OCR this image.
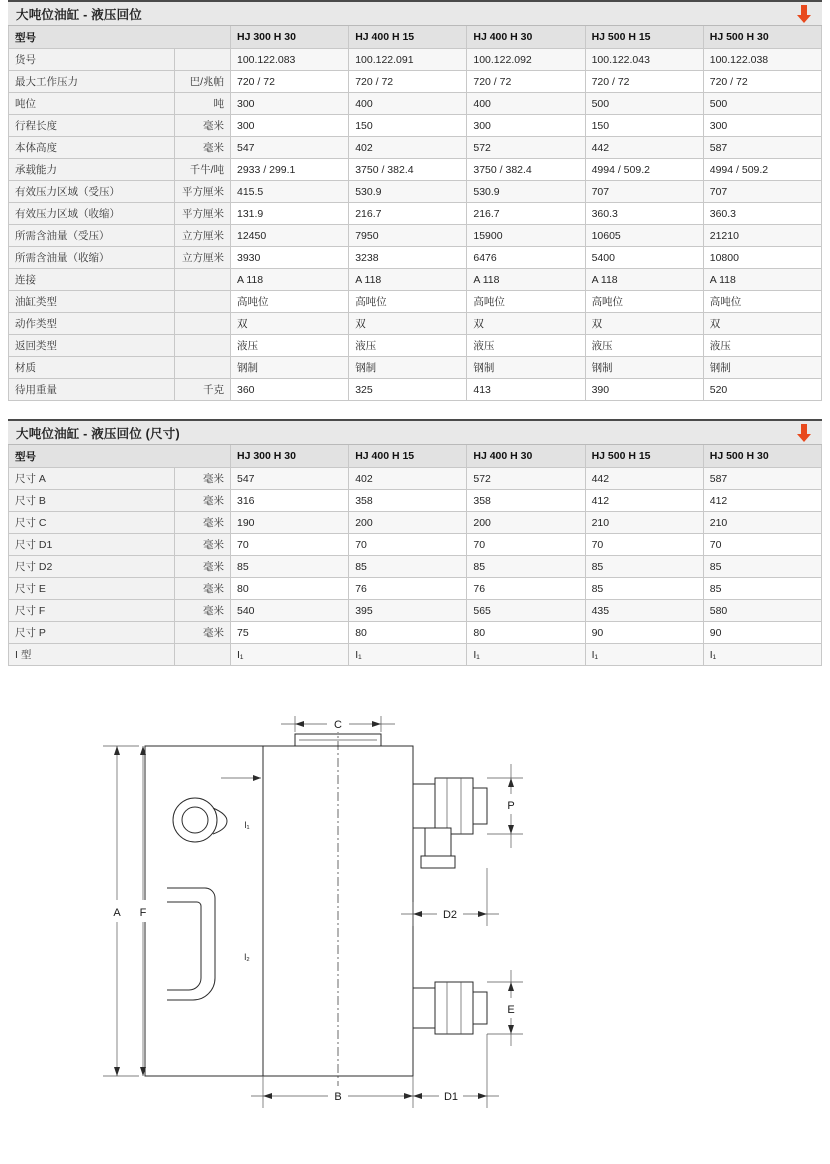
大吨位油缸 - 液压回位
型号		HJ 300 H 30	HJ 400 H 15	HJ 400 H 30	HJ 500 H 15	HJ 500 H 30
货号		100.122.083	100.122.091	100.122.092	100.122.043	100.122.038
最大工作压力	巴/兆帕	720 / 72	720 / 72	720 / 72	720 / 72	720 / 72
吨位	吨	300	400	400	500	500
行程长度	毫米	300	150	300	150	300
本体高度	毫米	547	402	572	442	587
承载能力	千牛/吨	2933 / 299.1	3750 / 382.4	3750 / 382.4	4994 / 509.2	4994 / 509.2
有效压力区域（受压）	平方厘米	415.5	530.9	530.9	707	707
有效压力区域（收缩）	平方厘米	131.9	216.7	216.7	360.3	360.3
所需含油量（受压）	立方厘米	12450	7950	15900	10605	21210
所需含油量（收缩）	立方厘米	3930	3238	6476	5400	10800
连接		A 118	A 118	A 118	A 118	A 118
油缸类型		高吨位	高吨位	高吨位	高吨位	高吨位
动作类型		双	双	双	双	双
返回类型		液压	液压	液压	液压	液压
材质		钢制	钢制	钢制	钢制	钢制
待用重量	千克	360	325	413	390	520
大吨位油缸 - 液压回位 (尺寸)
型号		HJ 300 H 30	HJ 400 H 15	HJ 400 H 30	HJ 500 H 15	HJ 500 H 30
尺寸 A	毫米	547	402	572	442	587
尺寸 B	毫米	316	358	358	412	412
尺寸 C	毫米	190	200	200	210	210
尺寸 D1	毫米	70	70	70	70	70
尺寸 D2	毫米	85	85	85	85	85
尺寸 E	毫米	80	76	76	85	85
尺寸 F	毫米	540	395	565	435	580
尺寸 P	毫米	75	80	80	90	90
I 型		I₁	I₁	I₁	I₁	I₁
C
A F
l₁
l₂
P
D2
E
B	D1
